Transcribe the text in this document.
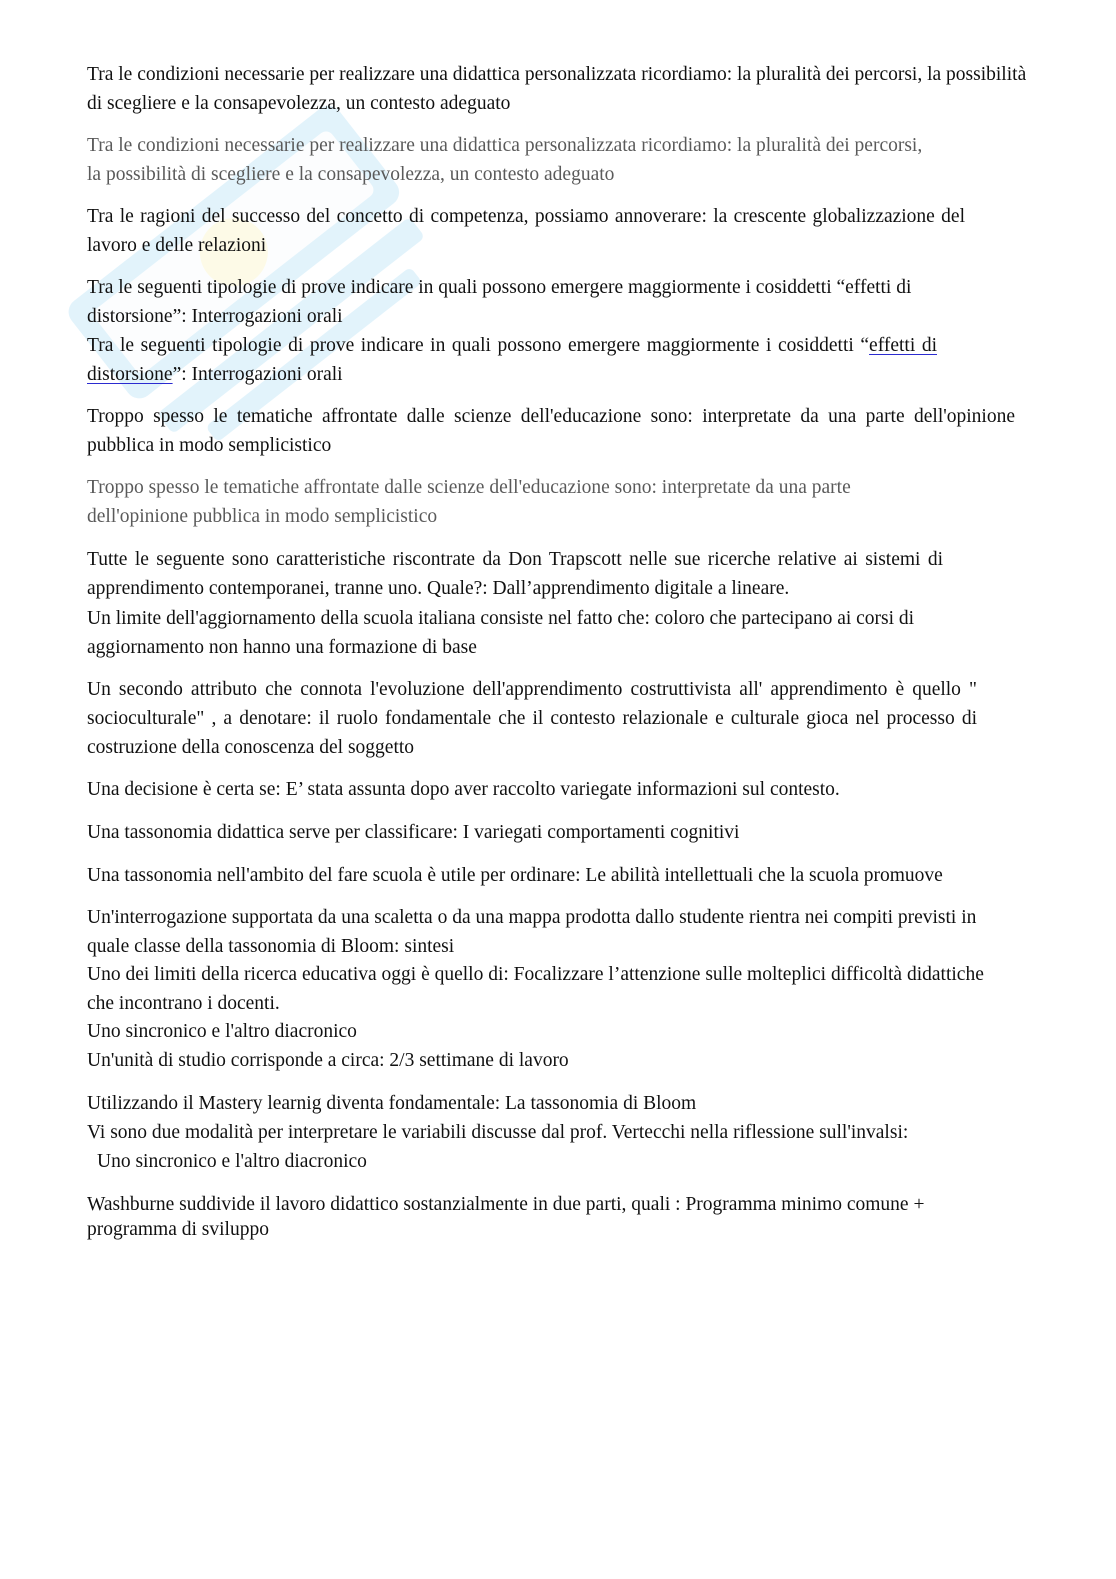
Tra le condizioni necessarie per realizzare una didattica personalizzata ricordiamo: la pluralità dei percorsi, la possibilità di scegliere e la consapevolezza, un contesto adeguato

Tra le condizioni necessarie per realizzare una didattica personalizzata ricordiamo: la pluralità dei percorsi, la possibilità di scegliere e la consapevolezza, un contesto adeguato

Tra le ragioni del successo del concetto di competenza, possiamo annoverare: la crescente globalizzazione del lavoro e delle relazioni

Tra le seguenti tipologie di prove indicare in quali possono emergere maggiormente i cosiddetti “effetti di distorsione”: Interrogazioni orali

Tra le seguenti tipologie di prove indicare in quali possono emergere maggiormente i cosiddetti “effetti di distorsione”: Interrogazioni orali

Troppo spesso le tematiche affrontate dalle scienze dell'educazione sono: interpretate da una parte dell'opinione pubblica in modo semplicistico

Troppo spesso le tematiche affrontate dalle scienze dell'educazione sono: interpretate da una parte dell'opinione pubblica in modo semplicistico

Tutte le seguente sono caratteristiche riscontrate da Don Trapscott nelle sue ricerche relative ai sistemi di apprendimento contemporanei, tranne uno. Quale?: Dall’apprendimento digitale a lineare.

Un limite dell'aggiornamento della scuola italiana consiste nel fatto che: coloro che partecipano ai corsi di aggiornamento non hanno una formazione di base

Un secondo attributo che connota l'evoluzione dell'apprendimento costruttivista all' apprendimento è quello " socioculturale" , a denotare: il ruolo fondamentale che il contesto relazionale e culturale gioca nel processo di costruzione della conoscenza del soggetto

Una decisione è certa se: E’ stata assunta dopo aver raccolto variegate informazioni sul contesto.

Una tassonomia didattica serve per classificare: I variegati comportamenti cognitivi

Una tassonomia nell'ambito del fare scuola è utile per ordinare: Le abilità intellettuali che la scuola promuove

Un'interrogazione supportata da una scaletta o da una mappa prodotta dallo studente rientra nei compiti previsti in quale classe della tassonomia di Bloom: sintesi

Uno dei limiti della ricerca educativa oggi è quello di: Focalizzare l’attenzione sulle molteplici difficoltà didattiche che incontrano i docenti.

Uno sincronico e l'altro diacronico

Un'unità di studio corrisponde a circa: 2/3 settimane di lavoro

Utilizzando il Mastery learnig diventa fondamentale: La tassonomia di Bloom

Vi sono due modalità per interpretare le variabili discusse dal prof. Vertecchi nella riflessione sull'invalsi:

Uno sincronico e l'altro diacronico

Washburne suddivide il lavoro didattico sostanzialmente in due parti, quali : Programma minimo comune + programma di sviluppo
